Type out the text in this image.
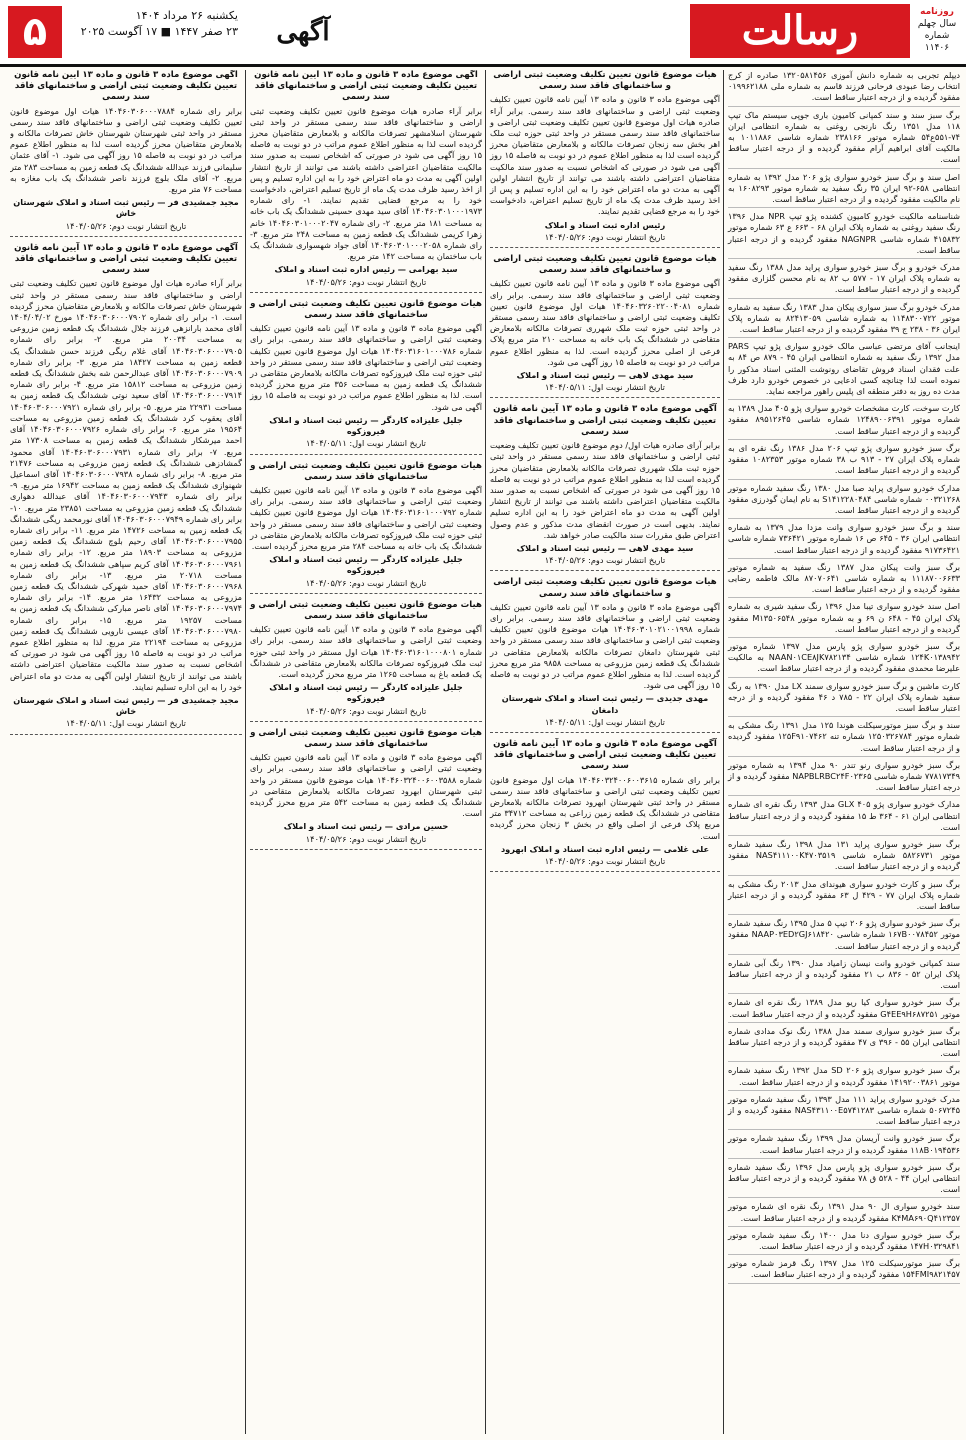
۵	یکشنبه ۲۶ مرداد ۱۴۰۴
۲۳ صفر ۱۴۴۷ ■ ۱۷ آگوست ۲۰۲۵	آگهی	رسالت	روزنامه
سال چهلم
شماره ۱۱۴۰۶

دیپلم تجربی به شماره دانش آموزی ۱۳۲۰۵۸۱۴۵۶ صادره از کرج انتخاب رضا عبودی فرحانی فرزند قاسم به شماره ملی ۰۱۹۹۶۲۱۸۸ مفقود گردیده و از درجه اعتبار ساقط است.

برگ سبز سند و سند کمپانی کامیون باری جوپی سیستم ماک تیپ ۱۱۸ مدل ۱۳۵۱ رنگ نارنجی روغنی به شماره انتظامی ایران ۷۴-۵۵۱ع۵۴ شماره موتور ۲۳۸۱۶۶ شماره شاسی ۱۰۱۱۸۸۶ به مالکیت آقای ابراهیم آرام مفقود گردیده و از درجه اعتبار ساقط است.

اصل سند و برگ سبز خودرو سواری پژو ۲۰۶ مدل ۱۳۹۲ به شماره انتظامی ۶۵۸-۹۲ ایران ۳۵ رنگ سفید به شماره موتور ۱۶۰۸۲۹۳ به نام مالکیت مفقود گردیده و از درجه اعتبار ساقط است.

شناسنامه مالکیت خودرو کامیون کشنده پژو تیپ NPR مدل ۱۳۹۶ رنگ سفید روغنی به شماره پلاک ایران ۶۸ - ۶۶۳ ع ۶۳ شماره موتور ۴۱۵۸۳۲ شماره شاسی NAGNPR مفقود گردیده و از درجه اعتبار ساقط است.

مدرک خودرو و برگ سبز خودرو سواری پراید مدل ۱۳۸۸ رنگ سفید به شماره پلاک ایران ۱۷ - ۵۷۷ ب ۸۲ به نام محسن گلزاری مفقود گردیده و از درجه اعتبار ساقط است.

مدرک خودرو برگ سبز سواری پیکان مدل ۱۳۸۳ رنگ سفید به شماره موتور ۱۱۴۸۳۰۰۷۲۲ به شماره شاسی ۸۲۴۱۳۰۵۹ به شماره پلاک ایران ۳۶ - ۲۳۸ ج ۳۹ مفقود گردیده و از درجه اعتبار ساقط است.

اینجانب آقای مرتضی عباسی مالک خودرو سواری پژو تیپ PARS مدل ۱۳۹۲ رنگ سفید به شماره انتظامی ایران ۴۵ - ۸۷۹ ص ۸۴ به علت فقدان اسناد فروش تقاضای رونوشت المثنی اسناد مذکور را نموده است لذا چنانچه کسی ادعایی در خصوص خودرو دارد ظرف مدت ده روز به دفتر منطقه ای پلیس راهور مراجعه نماید.

کارت سوخت، کارت مشخصات خودرو سواری پژو ۴۰۵ مدل ۱۳۸۹ به شماره موتور ۱۲۴۸۹۰۰۶۳۹۱ شماره شاسی ۸۹۵۱۲۶۴۵ مفقود گردیده و از درجه اعتبار ساقط است.

برگ سبز خودرو سواری پژو تیپ ۲۰۶ مدل ۱۳۸۶ رنگ نقره ای به شماره پلاک ایران ۲۷ - ۹۱۳ ب ۳۸ شماره موتور ۱۰۸۲۳۵۳ مفقود گردیده و از درجه اعتبار ساقط است.

مدارک خودرو سواری پراید صبا مدل ۱۳۸۰ رنگ سفید شماره موتور ۰۰۳۲۱۲۶۸ شماره شاسی S۱۴۱۲۲۸۰۴۸۴ به نام ایمان گودرزی مفقود گردیده و از درجه اعتبار ساقط است.

سند و برگ سبز خودرو سواری وانت مزدا مدل ۱۳۷۹ به شماره انتظامی ایران ۳۶ - ۶۴۵ ص ۱۶ شماره موتور ۷۳۶۴۲۱ شماره شاسی ۹۱۷۳۶۴۲۱ مفقود گردیده و از درجه اعتبار ساقط است.

برگ سبز وانت پیکان مدل ۱۳۸۷ رنگ سفید به شماره موتور ۱۱۱۸۷۰۰۶۶۳۳ به شماره شاسی ۸۷۰۷۰۶۴۱ مالک فاطمه رضایی مفقود گردیده و از درجه اعتبار ساقط است.

اصل سند خودرو سواری تیبا مدل ۱۳۹۶ رنگ سفید شیری به شماره پلاک ایران ۴۵ - ۶۴۸ ن ۶۹ و به شماره موتور M۱۳۵۰۶۵۴۸ مفقود گردیده و از درجه اعتبار ساقط است.

برگ سبز خودرو سواری پژو پارس مدل ۱۳۹۷ شماره موتور ۱۲۴K۰۱۳۸۹۴۲ شماره شاسی NAAN۰۱CE۸JK۷۸۲۱۳۴ به مالکیت علیرضا محمدی مفقود گردیده و از درجه اعتبار ساقط است.

کارت ماشین و برگ سبز خودرو سواری سمند LX مدل ۱۳۹۰ به رنگ سفید شماره پلاک ایران ۲۲ - ۷۸۵ د ۴۶ مفقود گردیده و از درجه اعتبار ساقط است.

سند و برگ سبز موتورسیکلت هوندا ۱۲۵ مدل ۱۳۹۱ رنگ مشکی به شماره موتور ۱۲۵۰۳۲۶۷۸۴ شماره تنه ۱۲۵F۹۱۰۷۴۶۲ مفقود گردیده و از درجه اعتبار ساقط است.

برگ سبز خودرو سواری رنو تندر ۹۰ مدل ۱۳۹۴ به شماره موتور ۷۷۸۱۷۳۴۹ شماره شاسی NAPBLRBC۲۴F۰۲۳۶۵ مفقود گردیده و از درجه اعتبار ساقط است.

مدارک خودرو سواری پژو ۴۰۵ GLX مدل ۱۳۹۳ رنگ نقره ای شماره انتظامی ایران ۶۱ - ۳۶۴ ط ۱۵ مفقود گردیده و از درجه اعتبار ساقط است.

برگ سبز خودرو سواری پراید ۱۳۱ مدل ۱۳۹۸ رنگ سفید شماره موتور ۵۸۲۶۷۳۱ شماره شاسی NAS۴۱۱۱۰۰K۴۷۰۳۵۱۹ مفقود گردیده و از درجه اعتبار ساقط است.

برگ سبز و کارت خودرو سواری هیوندای مدل ۲۰۱۳ رنگ مشکی به شماره پلاک ایران ۷۷ - ۴۲۹ ل ۶۳ مفقود گردیده و از درجه اعتبار ساقط است.

برگ سبز خودرو سواری پژو ۲۰۶ تیپ ۵ مدل ۱۳۹۵ رنگ سفید شماره موتور ۱۶۷B۰۰۷۸۴۵۲ شماره شاسی NAAP۰۳ED۲GJ۶۱۸۴۲۰ مفقود گردیده و از درجه اعتبار ساقط است.

سند کمپانی خودرو وانت نیسان زامیاد مدل ۱۳۹۰ رنگ آبی شماره پلاک ایران ۵۲ - ۸۳۶ ب ۲۱ مفقود گردیده و از درجه اعتبار ساقط است.

برگ سبز خودرو سواری کیا ریو مدل ۱۳۸۹ رنگ نقره ای شماره موتور G۴EE۹H۶۸۷۲۵۱ مفقود گردیده و از درجه اعتبار ساقط است.

برگ سبز خودرو سواری سمند مدل ۱۳۸۸ رنگ نوک مدادی شماره انتظامی ایران ۵۵ - ۳۹۶ ی ۴۷ مفقود گردیده و از درجه اعتبار ساقط است.

برگ سبز خودرو سواری پژو ۲۰۶ SD مدل ۱۳۹۲ رنگ سفید شماره موتور ۱۴۱۹۲۰۰۳۸۶۱ مفقود گردیده و از درجه اعتبار ساقط است.

مدرک خودرو سواری پراید ۱۱۱ مدل ۱۳۹۳ رنگ سفید شماره موتور ۵۰۶۷۲۴۵ شماره شاسی NAS۴۳۱۱۰۰E۵۷۴۱۲۸۳ مفقود گردیده و از درجه اعتبار ساقط است.

برگ سبز خودرو وانت آریسان مدل ۱۳۹۹ رنگ سفید شماره موتور ۱۱۸B۰۱۹۴۵۳۶ مفقود گردیده و از درجه اعتبار ساقط است.

برگ سبز خودرو سواری پژو پارس مدل ۱۳۹۶ رنگ سفید شماره انتظامی ایران ۴۴ - ۵۲۸ ق ۷۸ مفقود گردیده و از درجه اعتبار ساقط است.

سند خودرو سواری ال ۹۰ مدل ۱۳۹۱ رنگ نقره ای شماره موتور K۴MA۶۹۰Q۴۱۲۳۵۷ مفقود گردیده و از درجه اعتبار ساقط است.

برگ سبز خودرو سواری دنا مدل ۱۴۰۰ رنگ سفید شماره موتور ۱۴۷H۰۳۲۹۸۴۱ مفقود گردیده و از درجه اعتبار ساقط است.

برگ سبز موتورسیکلت ۱۲۵ مدل ۱۳۹۷ رنگ قرمز شماره موتور ۱۵۴FMI۹۸۲۱۴۵۷ مفقود گردیده و از درجه اعتبار ساقط است.

هیات موضوع قانون تعیین تکلیف وضعیت ثبتی اراضی و ساختمانهای فاقد سند رسمی
آگهی موضوع ماده ۳ قانون و ماده ۱۳ آیین نامه قانون تعیین تکلیف وضعیت ثبتی اراضی و ساختمانهای فاقد سند رسمی. برابر آراء صادره هیات اول موضوع قانون تعیین تکلیف وضعیت ثبتی اراضی و ساختمانهای فاقد سند رسمی مستقر در واحد ثبتی حوزه ثبت ملک اهر بخش سه زنجان تصرفات مالکانه و بلامعارض متقاضیان محرز گردیده است لذا به منظور اطلاع عموم در دو نوبت به فاصله ۱۵ روز آگهی می شود در صورتی که اشخاص نسبت به صدور سند مالکیت متقاضیان اعتراضی داشته باشند می توانند از تاریخ انتشار اولین آگهی به مدت دو ماه اعتراض خود را به این اداره تسلیم و پس از اخذ رسید ظرف مدت یک ماه از تاریخ تسلیم اعتراض، دادخواست خود را به مرجع قضایی تقدیم نمایند.
رئیس اداره ثبت اسناد و املاک
تاریخ انتشار نوبت دوم: ۱۴۰۴/۰۵/۲۶
هیات موضوع قانون تعیین تکلیف وضعیت ثبتی اراضی و ساختمانهای فاقد سند رسمی
آگهی موضوع ماده ۳ قانون و ماده ۱۳ آیین نامه قانون تعیین تکلیف وضعیت ثبتی اراضی و ساختمانهای فاقد سند رسمی. برابر رای شماره ۱۴۰۴۶۰۳۲۶۰۲۲۰۰۴۰۸۱ هیات اول موضوع قانون تعیین تکلیف وضعیت ثبتی اراضی و ساختمانهای فاقد سند رسمی مستقر در واحد ثبتی حوزه ثبت ملک شهرری تصرفات مالکانه بلامعارض متقاضی در ششدانگ یک باب خانه به مساحت ۲۱۰ متر مربع پلاک فرعی از اصلی محرز گردیده است. لذا به منظور اطلاع عموم مراتب در دو نوبت به فاصله ۱۵ روز آگهی می شود.
سید مهدی لاهی — رئیس ثبت اسناد و املاک
تاریخ انتشار نوبت اول: ۱۴۰۴/۰۵/۱۱
آگهی موضوع ماده ۳ قانون و ماده ۱۳ آیین نامه قانون تعیین تکلیف وضعیت ثبتی اراضی و ساختمانهای فاقد سند رسمی
برابر آرای صادره هیات اول/ دوم موضوع قانون تعیین تکلیف وضعیت ثبتی اراضی و ساختمانهای فاقد سند رسمی مستقر در واحد ثبتی حوزه ثبت ملک شهرری تصرفات مالکانه بلامعارض متقاضیان محرز گردیده است لذا به منظور اطلاع عموم مراتب در دو نوبت به فاصله ۱۵ روز آگهی می شود در صورتی که اشخاص نسبت به صدور سند مالکیت متقاضیان اعتراضی داشته باشند می توانند از تاریخ انتشار اولین آگهی به مدت دو ماه اعتراض خود را به این اداره تسلیم نمایند. بدیهی است در صورت انقضای مدت مذکور و عدم وصول اعتراض طبق مقررات سند مالکیت صادر خواهد شد.
سید مهدی لاهی — رئیس ثبت اسناد و املاک
تاریخ انتشار نوبت دوم: ۱۴۰۴/۰۵/۲۶
هیات موضوع قانون تعیین تکلیف وضعیت ثبتی اراضی و ساختمانهای فاقد سند رسمی
آگهی موضوع ماده ۳ قانون و ماده ۱۳ آیین نامه قانون تعیین تکلیف وضعیت ثبتی اراضی و ساختمانهای فاقد سند رسمی. برابر رای شماره ۱۴۰۴۶۰۳۰۱۰۲۱۰۰۱۹۹۸ هیات موضوع قانون تعیین تکلیف وضعیت ثبتی اراضی و ساختمانهای فاقد سند رسمی مستقر در واحد ثبتی شهرستان دامغان تصرفات مالکانه بلامعارض متقاضی در ششدانگ یک قطعه زمین مزروعی به مساحت ۹۸۵۸ متر مربع محرز گردیده است. لذا به منظور اطلاع عموم مراتب در دو نوبت به فاصله ۱۵ روز آگهی می شود.
مهدی جدیدی — رئیس ثبت اسناد و املاک شهرستان دامغان
تاریخ انتشار نوبت اول: ۱۴۰۴/۰۵/۱۱
آگهی موضوع ماده ۳ قانون و ماده ۱۳ آیین نامه قانون تعیین تکلیف وضعیت ثبتی اراضی و ساختمانهای فاقد سند رسمی
برابر رای شماره ۱۴۰۴۶۰۳۲۴۰۰۶۰۰۳۶۱۵ هیات اول موضوع قانون تعیین تکلیف وضعیت ثبتی اراضی و ساختمانهای فاقد سند رسمی مستقر در واحد ثبتی شهرستان ابهرود تصرفات مالکانه بلامعارض متقاضی در ششدانگ یک قطعه زمین زراعی به مساحت ۳۴۷۱۲ متر مربع پلاک فرعی از اصلی واقع در بخش ۳ زنجان محرز گردیده است.
علی غلامی — رئیس اداره ثبت اسناد و املاک ابهرود
تاریخ انتشار نوبت دوم: ۱۴۰۴/۰۵/۲۶
آگهی موضوع ماده ۳ قانون و ماده ۱۳ آیین نامه قانون تعیین تکلیف وضعیت ثبتی اراضی و ساختمانهای فاقد سند رسمی
برابر آراء صادره هیات موضوع قانون تعیین تکلیف وضعیت ثبتی اراضی و ساختمانهای فاقد سند رسمی مستقر در واحد ثبتی شهرستان اسلامشهر تصرفات مالکانه و بلامعارض متقاضیان محرز گردیده است لذا به منظور اطلاع عموم مراتب در دو نوبت به فاصله ۱۵ روز آگهی می شود در صورتی که اشخاص نسبت به صدور سند مالکیت متقاضیان اعتراضی داشته باشند می توانند از تاریخ انتشار اولین آگهی به مدت دو ماه اعتراض خود را به این اداره تسلیم و پس از اخذ رسید ظرف مدت یک ماه از تاریخ تسلیم اعتراض، دادخواست خود را به مرجع قضایی تقدیم نمایند. ۱- رای شماره ۱۴۰۴۶۰۳۰۱۰۰۰۱۹۷۳ آقای سید مهدی حسینی ششدانگ یک باب خانه به مساحت ۱۸۱ متر مربع. ۲- رای شماره ۱۴۰۴۶۰۳۰۱۰۰۰۲۰۴۷ خانم زهرا کریمی ششدانگ یک قطعه زمین به مساحت ۲۴۸ متر مربع. ۳- رای شماره ۱۴۰۴۶۰۳۰۱۰۰۰۲۰۵۸ آقای جواد شهسواری ششدانگ یک باب ساختمان به مساحت ۱۴۲ متر مربع.
سید بهرامی — رئیس اداره ثبت اسناد و املاک
تاریخ انتشار نوبت دوم: ۱۴۰۴/۰۵/۲۶
هیات موضوع قانون تعیین تکلیف وضعیت ثبتی اراضی و ساختمانهای فاقد سند رسمی
آگهی موضوع ماده ۳ قانون و ماده ۱۳ آیین نامه قانون تعیین تکلیف وضعیت ثبتی اراضی و ساختمانهای فاقد سند رسمی. برابر رای شماره ۱۴۰۴۶۰۳۱۶۰۱۰۰۰۷۸۶ هیات اول موضوع قانون تعیین تکلیف وضعیت ثبتی اراضی و ساختمانهای فاقد سند رسمی مستقر در واحد ثبتی حوزه ثبت ملک فیروزکوه تصرفات مالکانه بلامعارض متقاضی در ششدانگ یک قطعه زمین به مساحت ۳۵۶ متر مربع محرز گردیده است. لذا به منظور اطلاع عموم مراتب در دو نوبت به فاصله ۱۵ روز آگهی می شود.
جلیل علیزاده کاردگر — رئیس ثبت اسناد و املاک فیروزکوه
تاریخ انتشار نوبت اول: ۱۴۰۴/۰۵/۱۱
هیات موضوع قانون تعیین تکلیف وضعیت ثبتی اراضی و ساختمانهای فاقد سند رسمی
آگهی موضوع ماده ۳ قانون و ماده ۱۳ آیین نامه قانون تعیین تکلیف وضعیت ثبتی اراضی و ساختمانهای فاقد سند رسمی. برابر رای شماره ۱۴۰۴۶۰۳۱۶۰۱۰۰۰۷۹۲ هیات اول موضوع قانون تعیین تکلیف وضعیت ثبتی اراضی و ساختمانهای فاقد سند رسمی مستقر در واحد ثبتی حوزه ثبت ملک فیروزکوه تصرفات مالکانه بلامعارض متقاضی در ششدانگ یک باب خانه به مساحت ۲۸۴ متر مربع محرز گردیده است.
جلیل علیزاده کاردگر — رئیس ثبت اسناد و املاک فیروزکوه
تاریخ انتشار نوبت دوم: ۱۴۰۴/۰۵/۲۶
هیات موضوع قانون تعیین تکلیف وضعیت ثبتی اراضی و ساختمانهای فاقد سند رسمی
آگهی موضوع ماده ۳ قانون و ماده ۱۳ آیین نامه قانون تعیین تکلیف وضعیت ثبتی اراضی و ساختمانهای فاقد سند رسمی. برابر رای شماره ۱۴۰۴۶۰۳۱۶۰۱۰۰۰۸۰۱ هیات اول مستقر در واحد ثبتی حوزه ثبت ملک فیروزکوه تصرفات مالکانه بلامعارض متقاضی در ششدانگ یک قطعه باغ به مساحت ۱۲۶۵ متر مربع محرز گردیده است.
جلیل علیزاده کاردگر — رئیس ثبت اسناد و املاک فیروزکوه
تاریخ انتشار نوبت دوم: ۱۴۰۴/۰۵/۲۶
هیات موضوع قانون تعیین تکلیف وضعیت ثبتی اراضی و ساختمانهای فاقد سند رسمی
آگهی موضوع ماده ۳ قانون و ماده ۱۳ آیین نامه قانون تعیین تکلیف وضعیت ثبتی اراضی و ساختمانهای فاقد سند رسمی. برابر رای شماره ۱۴۰۴۶۰۳۲۴۰۰۶۰۰۳۵۸۸ هیات موضوع قانون مستقر در واحد ثبتی شهرستان ابهرود تصرفات مالکانه بلامعارض متقاضی در ششدانگ یک قطعه زمین به مساحت ۵۴۲ متر مربع محرز گردیده است.
حسین مرادی — رئیس ثبت اسناد و املاک
تاریخ انتشار نوبت دوم: ۱۴۰۴/۰۵/۲۶
آگهی موضوع ماده ۳ قانون و ماده ۱۳ آیین نامه قانون تعیین تکلیف وضعیت ثبتی اراضی و ساختمانهای فاقد سند رسمی
برابر رای شماره ۱۴۰۴۶۰۳۰۶۰۰۰۷۸۸۴ هیات اول موضوع قانون تعیین تکلیف وضعیت ثبتی اراضی و ساختمانهای فاقد سند رسمی مستقر در واحد ثبتی شهرستان شهرستان خاش تصرفات مالکانه و بلامعارض متقاضیان محرز گردیده است لذا به منظور اطلاع عموم مراتب در دو نوبت به فاصله ۱۵ روز آگهی می شود. ۱- آقای عثمان سلیمانی فرزند عبدالله ششدانگ یک قطعه زمین به مساحت ۲۸۳ متر مربع. ۲- آقای ملک بلوچ فرزند ناصر ششدانگ یک باب مغازه به مساحت ۷۶ متر مربع.
مجید جمشیدی فر — رئیس ثبت اسناد و املاک شهرستان خاش
تاریخ انتشار نوبت دوم: ۱۴۰۴/۰۵/۲۶
آگهی موضوع ماده ۳ قانون و ماده ۱۳ آیین نامه قانون تعیین تکلیف وضعیت ثبتی اراضی و ساختمانهای فاقد سند رسمی
برابر آراء صادره هیات اول موضوع قانون تعیین تکلیف وضعیت ثبتی اراضی و ساختمانهای فاقد سند رسمی مستقر در واحد ثبتی شهرستان خاش تصرفات مالکانه و بلامعارض متقاضیان محرز گردیده است. ۱- برابر رای شماره ۱۴۰۴۶۰۳۰۶۰۰۰۷۹۰۲ مورخ ۱۴۰۴/۰۴/۰۲ آقای محمد بارانزهی فرزند جلال ششدانگ یک قطعه زمین مزروعی به مساحت ۲۰۰۳۴ متر مربع. ۲- برابر رای شماره ۱۴۰۴۶۰۳۰۶۰۰۰۷۹۰۵ آقای غلام ریگی فرزند حسن ششدانگ یک قطعه زمین به مساحت ۱۸۴۲۷ متر مربع. ۳- برابر رای شماره ۱۴۰۴۶۰۳۰۶۰۰۰۷۹۰۹ آقای عبدالرحمن شه بخش ششدانگ یک قطعه زمین مزروعی به مساحت ۱۵۸۱۲ متر مربع. ۴- برابر رای شماره ۱۴۰۴۶۰۳۰۶۰۰۰۷۹۱۴ آقای سعید نوتی ششدانگ یک قطعه زمین به مساحت ۲۲۹۳۱ متر مربع. ۵- برابر رای شماره ۱۴۰۴۶۰۳۰۶۰۰۰۷۹۲۱ آقای یعقوب کرد ششدانگ یک قطعه زمین مزروعی به مساحت ۱۹۵۶۴ متر مربع. ۶- برابر رای شماره ۱۴۰۴۶۰۳۰۶۰۰۰۷۹۲۶ آقای احمد میرشکار ششدانگ یک قطعه زمین به مساحت ۱۷۳۰۸ متر مربع. ۷- برابر رای شماره ۱۴۰۴۶۰۳۰۶۰۰۰۷۹۳۱ آقای محمود گمشادزهی ششدانگ یک قطعه زمین مزروعی به مساحت ۲۱۴۷۶ متر مربع. ۸- برابر رای شماره ۱۴۰۴۶۰۳۰۶۰۰۰۷۹۳۸ آقای اسماعیل شهنوازی ششدانگ یک قطعه زمین به مساحت ۱۶۹۴۲ متر مربع. ۹- برابر رای شماره ۱۴۰۴۶۰۳۰۶۰۰۰۷۹۴۳ آقای عبدالله دهواری ششدانگ یک قطعه زمین مزروعی به مساحت ۲۳۸۵۱ متر مربع. ۱۰- برابر رای شماره ۱۴۰۴۶۰۳۰۶۰۰۰۷۹۴۹ آقای نورمحمد ریگی ششدانگ یک قطعه زمین به مساحت ۱۴۷۲۶ متر مربع. ۱۱- برابر رای شماره ۱۴۰۴۶۰۳۰۶۰۰۰۷۹۵۵ آقای رحیم بلوچ ششدانگ یک قطعه زمین مزروعی به مساحت ۱۸۹۰۳ متر مربع. ۱۲- برابر رای شماره ۱۴۰۴۶۰۳۰۶۰۰۰۷۹۶۱ آقای کریم سپاهی ششدانگ یک قطعه زمین به مساحت ۲۰۷۱۸ متر مربع. ۱۳- برابر رای شماره ۱۴۰۴۶۰۳۰۶۰۰۰۷۹۶۸ آقای حمید شهرکی ششدانگ یک قطعه زمین مزروعی به مساحت ۱۶۴۳۲ متر مربع. ۱۴- برابر رای شماره ۱۴۰۴۶۰۳۰۶۰۰۰۷۹۷۴ آقای ناصر مبارکی ششدانگ یک قطعه زمین به مساحت ۱۹۲۵۷ متر مربع. ۱۵- برابر رای شماره ۱۴۰۴۶۰۳۰۶۰۰۰۷۹۸۰ آقای عیسی نارویی ششدانگ یک قطعه زمین مزروعی به مساحت ۲۲۱۹۴ متر مربع. لذا به منظور اطلاع عموم مراتب در دو نوبت به فاصله ۱۵ روز آگهی می شود در صورتی که اشخاص نسبت به صدور سند مالکیت متقاضیان اعتراضی داشته باشند می توانند از تاریخ انتشار اولین آگهی به مدت دو ماه اعتراض خود را به این اداره تسلیم نمایند.
مجید جمشیدی فر — رئیس ثبت اسناد و املاک شهرستان خاش
تاریخ انتشار نوبت اول: ۱۴۰۴/۰۵/۱۱
